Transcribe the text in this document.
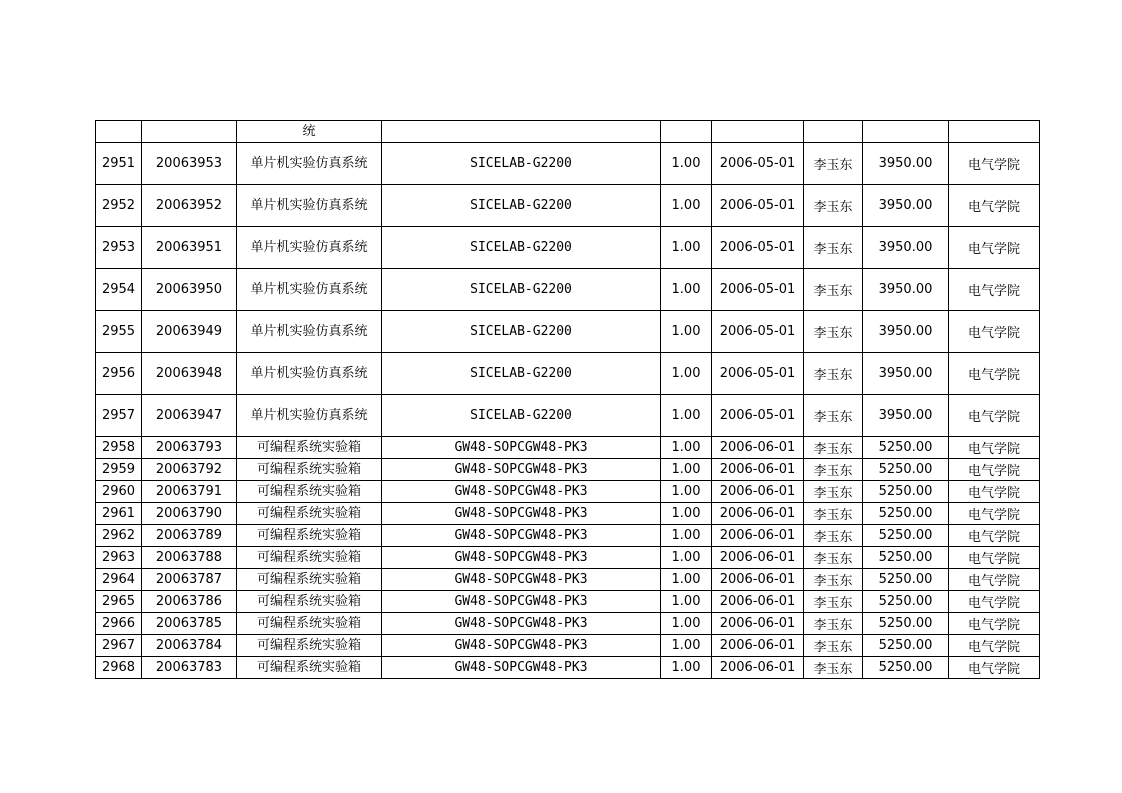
		统						
2951	20063953	单片机实验仿真系统	SICELAB-G2200	1.00	2006-05-01	李玉东	3950.00	电气学院
2952	20063952	单片机实验仿真系统	SICELAB-G2200	1.00	2006-05-01	李玉东	3950.00	电气学院
2953	20063951	单片机实验仿真系统	SICELAB-G2200	1.00	2006-05-01	李玉东	3950.00	电气学院
2954	20063950	单片机实验仿真系统	SICELAB-G2200	1.00	2006-05-01	李玉东	3950.00	电气学院
2955	20063949	单片机实验仿真系统	SICELAB-G2200	1.00	2006-05-01	李玉东	3950.00	电气学院
2956	20063948	单片机实验仿真系统	SICELAB-G2200	1.00	2006-05-01	李玉东	3950.00	电气学院
2957	20063947	单片机实验仿真系统	SICELAB-G2200	1.00	2006-05-01	李玉东	3950.00	电气学院
2958	20063793	可编程系统实验箱	GW48-SOPCGW48-PK3	1.00	2006-06-01	李玉东	5250.00	电气学院
2959	20063792	可编程系统实验箱	GW48-SOPCGW48-PK3	1.00	2006-06-01	李玉东	5250.00	电气学院
2960	20063791	可编程系统实验箱	GW48-SOPCGW48-PK3	1.00	2006-06-01	李玉东	5250.00	电气学院
2961	20063790	可编程系统实验箱	GW48-SOPCGW48-PK3	1.00	2006-06-01	李玉东	5250.00	电气学院
2962	20063789	可编程系统实验箱	GW48-SOPCGW48-PK3	1.00	2006-06-01	李玉东	5250.00	电气学院
2963	20063788	可编程系统实验箱	GW48-SOPCGW48-PK3	1.00	2006-06-01	李玉东	5250.00	电气学院
2964	20063787	可编程系统实验箱	GW48-SOPCGW48-PK3	1.00	2006-06-01	李玉东	5250.00	电气学院
2965	20063786	可编程系统实验箱	GW48-SOPCGW48-PK3	1.00	2006-06-01	李玉东	5250.00	电气学院
2966	20063785	可编程系统实验箱	GW48-SOPCGW48-PK3	1.00	2006-06-01	李玉东	5250.00	电气学院
2967	20063784	可编程系统实验箱	GW48-SOPCGW48-PK3	1.00	2006-06-01	李玉东	5250.00	电气学院
2968	20063783	可编程系统实验箱	GW48-SOPCGW48-PK3	1.00	2006-06-01	李玉东	5250.00	电气学院
